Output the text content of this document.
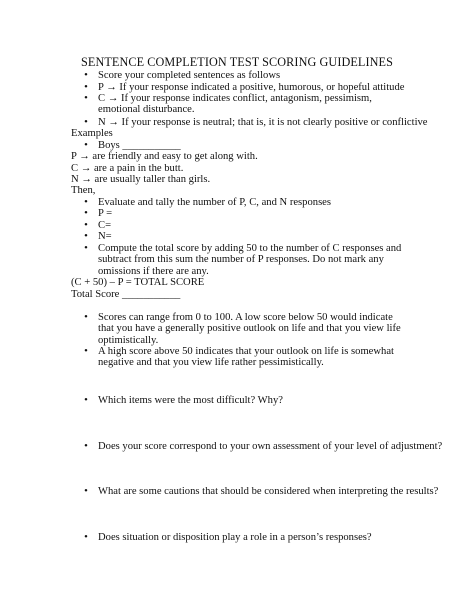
SENTENCE COMPLETION TEST SCORING GUIDELINES
• Score your completed sentences as follows
• P → If your response indicated a positive, humorous, or hopeful attitude
• C → If your response indicates conflict, antagonism, pessimism, emotional disturbance.
• N → If your response is neutral; that is, it is not clearly positive or conflictive
Examples
• Boys ___________
P → are friendly and easy to get along with.
C → are a pain in the butt.
N → are usually taller than girls.
Then,
• Evaluate and tally the number of P, C, and N responses
• P =
• C=
• N=
• Compute the total score by adding 50 to the number of C responses and subtract from this sum the number of P responses. Do not mark any omissions if there are any.
(C + 50) – P = TOTAL SCORE
Total Score ___________
• Scores can range from 0 to 100. A low score below 50 would indicate that you have a generally positive outlook on life and that you view life optimistically.
• A high score above 50 indicates that your outlook on life is somewhat negative and that you view life rather pessimistically.
• Which items were the most difficult? Why?
• Does your score correspond to your own assessment of your level of adjustment?
• What are some cautions that should be considered when interpreting the results?
• Does situation or disposition play a role in a person’s responses?
